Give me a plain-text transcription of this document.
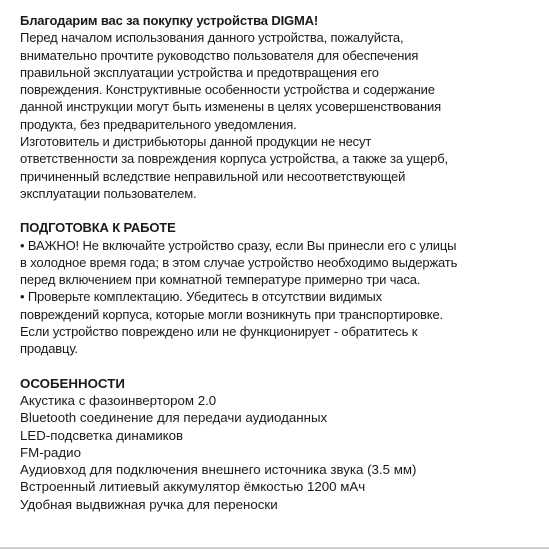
Благодарим вас за покупку устройства DIGMA!
Перед началом использования данного устройства, пожалуйста,
внимательно прочтите руководство пользователя для обеспечения
правильной эксплуатации устройства и предотвращения его
повреждения. Конструктивные особенности устройства и содержание
данной инструкции могут быть изменены в целях усовершенствования
продукта, без предварительного уведомления.
Изготовитель и дистрибьюторы данной продукции не несут
ответственности за повреждения корпуса устройства, а также за ущерб,
причиненный вследствие неправильной или несоответствующей
эксплуатации пользователем.
ПОДГОТОВКА К РАБОТЕ
• ВАЖНО! Не включайте устройство сразу, если Вы принесли его с улицы
в холодное время года; в этом случае устройство необходимо выдержать
перед включением при комнатной температуре примерно три часа.
• Проверьте комплектацию. Убедитесь в отсутствии видимых
повреждений корпуса, которые могли возникнуть при транспортировке.
Если устройство повреждено или не функционирует - обратитесь к
продавцу.
ОСОБЕННОСТИ
Акустика с фазоинвертором 2.0
Bluetooth соединение для передачи аудиоданных
LED-подсветка динамиков
FM-радио
Аудиовход для подключения внешнего источника звука (3.5 мм)
Встроенный литиевый аккумулятор ёмкостью 1200 мАч
Удобная выдвижная ручка для переноски
